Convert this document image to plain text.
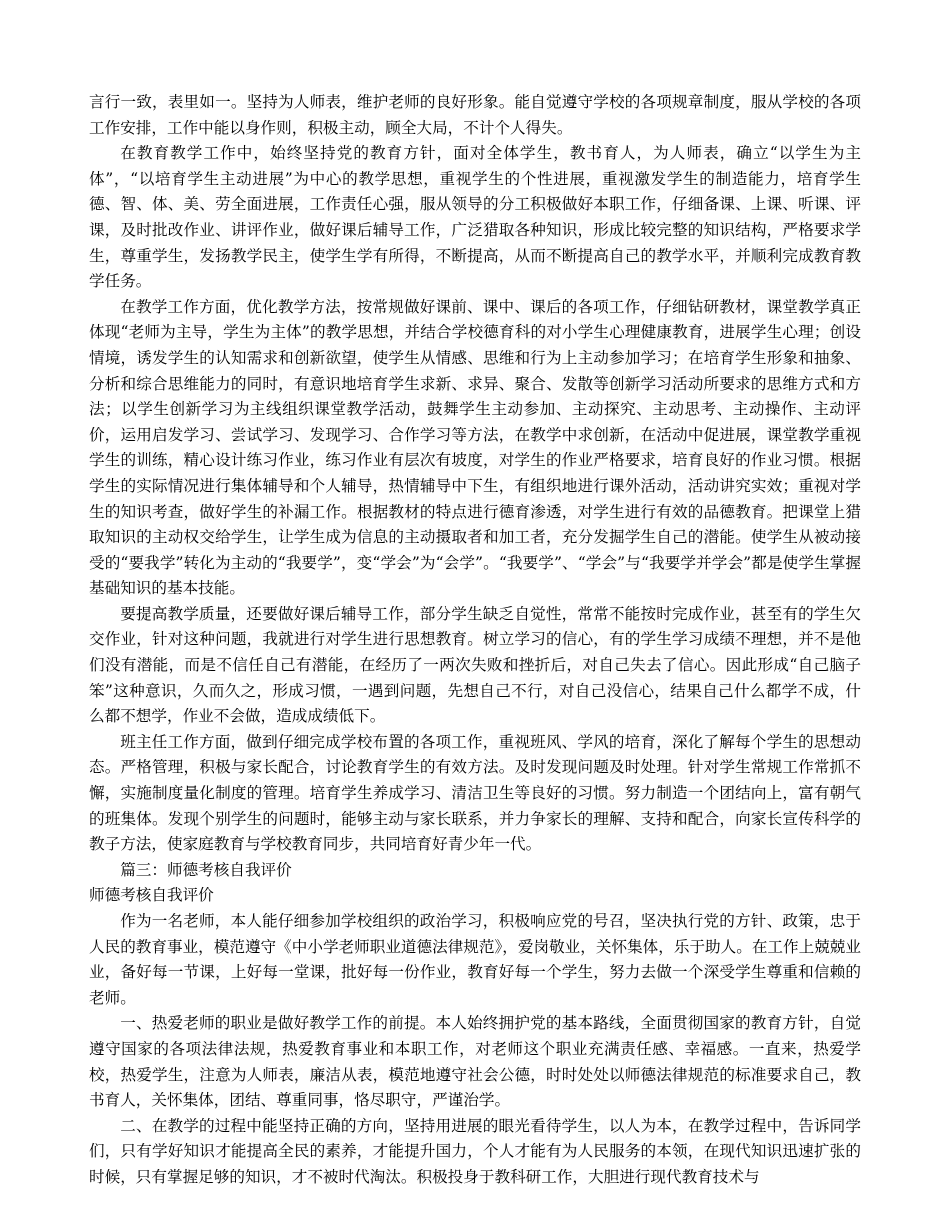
言行一致，表里如一。坚持为人师表，维护老师的良好形象。能自觉遵守学校的各项规章制度，服从学校的各项工作安排，工作中能以身作则，积极主动，顾全大局，不计个人得失。

在教育教学工作中，始终坚持党的教育方针，面对全体学生，教书育人，为人师表，确立“以学生为主体”，“以培育学生主动进展”为中心的教学思想，重视学生的个性进展，重视激发学生的制造能力，培育学生德、智、体、美、劳全面进展，工作责任心强，服从领导的分工积极做好本职工作，仔细备课、上课、听课、评课，及时批改作业、讲评作业，做好课后辅导工作，广泛猎取各种知识，形成比较完整的知识结构，严格要求学生，尊重学生，发扬教学民主，使学生学有所得，不断提高，从而不断提高自己的教学水平，并顺利完成教育教学任务。

在教学工作方面，优化教学方法，按常规做好课前、课中、课后的各项工作，仔细钻研教材，课堂教学真正体现“老师为主导，学生为主体”的教学思想，并结合学校德育科的对小学生心理健康教育，进展学生心理；创设情境，诱发学生的认知需求和创新欲望，使学生从情感、思维和行为上主动参加学习；在培育学生形象和抽象、分析和综合思维能力的同时，有意识地培育学生求新、求异、聚合、发散等创新学习活动所要求的思维方式和方法；以学生创新学习为主线组织课堂教学活动，鼓舞学生主动参加、主动探究、主动思考、主动操作、主动评价，运用启发学习、尝试学习、发现学习、合作学习等方法，在教学中求创新，在活动中促进展，课堂教学重视学生的训练，精心设计练习作业，练习作业有层次有坡度，对学生的作业严格要求，培育良好的作业习惯。根据学生的实际情况进行集体辅导和个人辅导，热情辅导中下生，有组织地进行课外活动，活动讲究实效；重视对学生的知识考查，做好学生的补漏工作。根据教材的特点进行德育渗透，对学生进行有效的品德教育。把课堂上猎取知识的主动权交给学生，让学生成为信息的主动摄取者和加工者，充分发掘学生自己的潜能。使学生从被动接受的“要我学”转化为主动的“我要学”，变“学会”为“会学”。“我要学”、“学会”与“我要学并学会”都是使学生掌握基础知识的基本技能。

要提高教学质量，还要做好课后辅导工作，部分学生缺乏自觉性，常常不能按时完成作业，甚至有的学生欠交作业，针对这种问题，我就进行对学生进行思想教育。树立学习的信心，有的学生学习成绩不理想，并不是他们没有潜能，而是不信任自己有潜能，在经历了一两次失败和挫折后，对自己失去了信心。因此形成“自己脑子笨”这种意识，久而久之，形成习惯，一遇到问题，先想自己不行，对自己没信心，结果自己什么都学不成，什么都不想学，作业不会做，造成成绩低下。

班主任工作方面，做到仔细完成学校布置的各项工作，重视班风、学风的培育，深化了解每个学生的思想动态。严格管理，积极与家长配合，讨论教育学生的有效方法。及时发现问题及时处理。针对学生常规工作常抓不懈，实施制度量化制度的管理。培育学生养成学习、清洁卫生等良好的习惯。努力制造一个团结向上，富有朝气的班集体。发现个别学生的问题时，能够主动与家长联系，并力争家长的理解、支持和配合，向家长宣传科学的教子方法，使家庭教育与学校教育同步，共同培育好青少年一代。

篇三：师德考核自我评价

师德考核自我评价

作为一名老师，本人能仔细参加学校组织的政治学习，积极响应党的号召，坚决执行党的方针、政策，忠于人民的教育事业，模范遵守《中小学老师职业道德法律规范》，爱岗敬业，关怀集体，乐于助人。在工作上兢兢业业，备好每一节课，上好每一堂课，批好每一份作业，教育好每一个学生，努力去做一个深受学生尊重和信赖的老师。

一、热爱老师的职业是做好教学工作的前提。本人始终拥护党的基本路线，全面贯彻国家的教育方针，自觉遵守国家的各项法律法规，热爱教育事业和本职工作，对老师这个职业充满责任感、幸福感。一直来，热爱学校，热爱学生，注意为人师表，廉洁从表，模范地遵守社会公德，时时处处以师德法律规范的标准要求自己，教书育人，关怀集体，团结、尊重同事，恪尽职守，严谨治学。

二、在教学的过程中能坚持正确的方向，坚持用进展的眼光看待学生，以人为本，在教学过程中，告诉同学们，只有学好知识才能提高全民的素养，才能提升国力，个人才能有为人民服务的本领，在现代知识迅速扩张的时候，只有掌握足够的知识，才不被时代淘汰。积极投身于教科研工作，大胆进行现代教育技术与
